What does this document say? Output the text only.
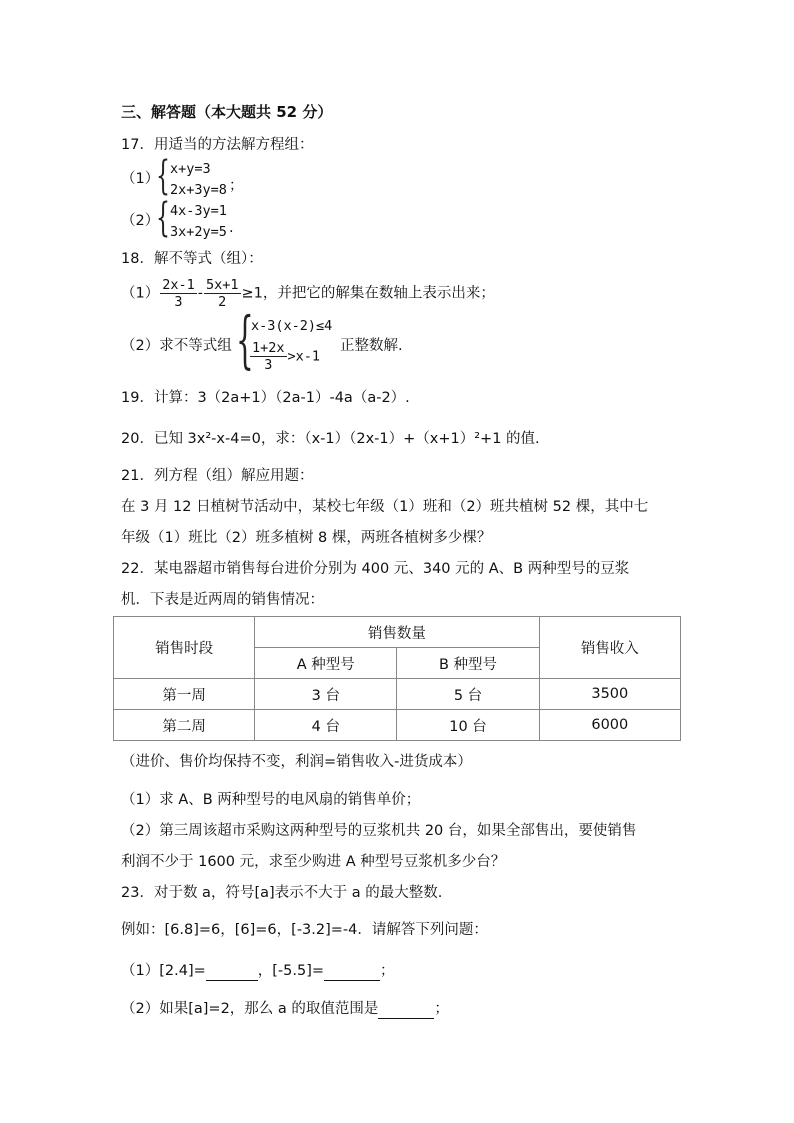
三、解答题（本大题共 52 分）
17．用适当的方法解方程组：
（1）
{ x+y=3
2x+3y=8 ；
（2）
{ 4x-3y=1
3x+2y=5 .
18．解不等式（组）：
$(1) \frac{2x-1}{3} - \frac{5x+1}{2} \ge 1$，并把它的解集在数轴上表示出来；
（2）求不等式组 {
x-3(x-2)≤4
$\frac{1+2x}{3} >x-1$
正整数解.
19．计算：3（2a+1）（2a-1）-4a（a-2）.
20．已知 3x²-x-4=0，求：（x-1）（2x-1）+（x+1）²+1 的值.
21．列方程（组）解应用题：
在 3 月 12 日植树节活动中，某校七年级（1）班和（2）班共植树 52 棵，其中七
年级（1）班比（2）班多植树 8 棵，两班各植树多少棵？
22．某电器超市销售每台进价分别为 400 元、340 元的 A、B 两种型号的豆浆
机．下表是近两周的销售情况：
销售时段	销售数量		销售收入
	A 种型号	B 种型号	
第一周	3 台	5 台	3500
第二周	4 台	10 台	6000
（进价、售价均保持不变，利润=销售收入-进货成本）
（1）求 A、B 两种型号的电风扇的销售单价；
（2）第三周该超市采购这两种型号的豆浆机共 20 台，如果全部售出，要使销售
利润不少于 1600 元，求至少购进 A 种型号豆浆机多少台？
23．对于数 a，符号[a]表示不大于 a 的最大整数.
例如：[6.8]=6，[6]=6，[-3.2]=-4．请解答下列问题：
（1）[2.4]=	，[-5.5]=	；
（2）如果[a]=2，那么 a 的取值范围是	；
